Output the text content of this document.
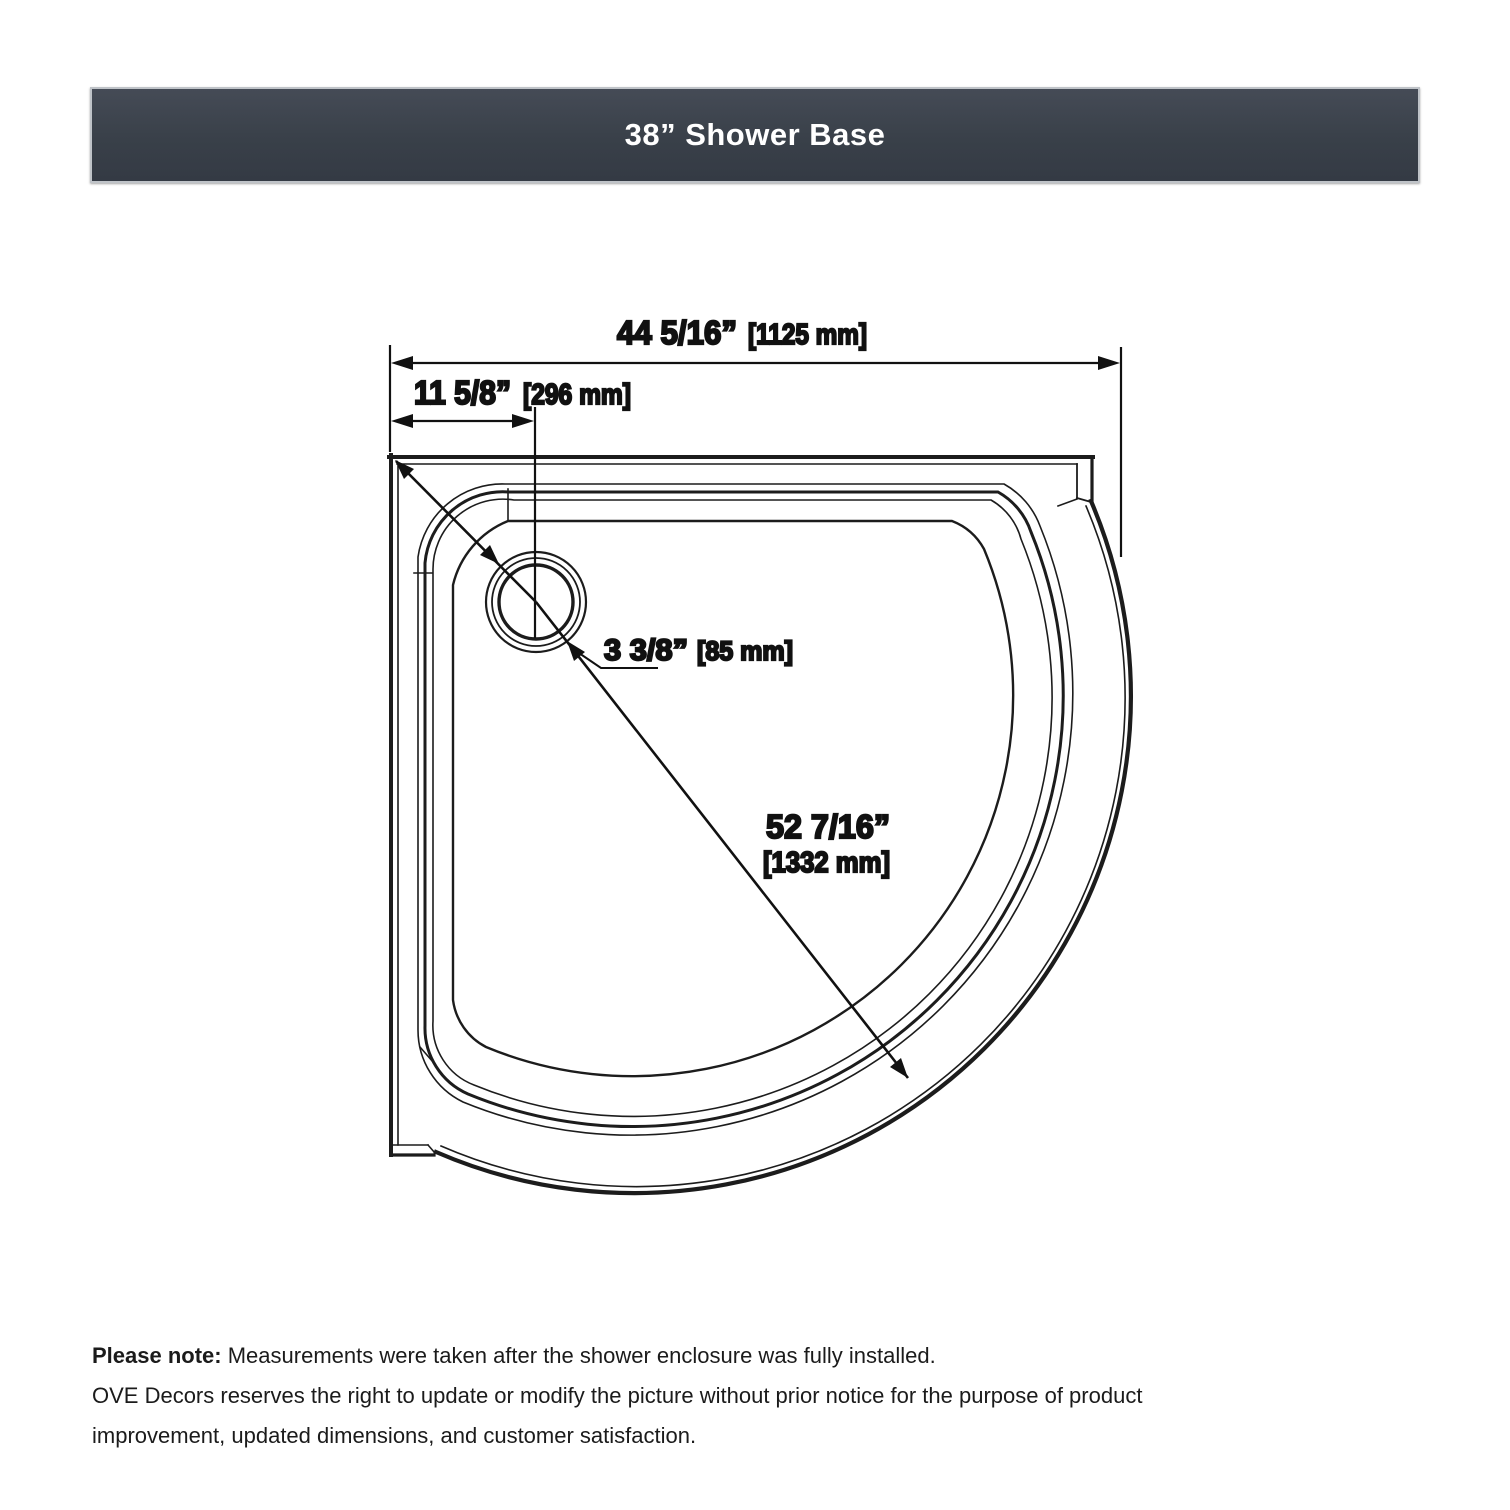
38” Shower Base
44 5/16” [1125 mm]
11 5/8” [296 mm]
3 3/8” [85 mm]
52 7/16”
[1332 mm]
Please note: Measurements were taken after the shower enclosure was fully installed.
OVE Decors reserves the right to update or modify the picture without prior notice for the purpose of product
improvement, updated dimensions, and customer satisfaction.
